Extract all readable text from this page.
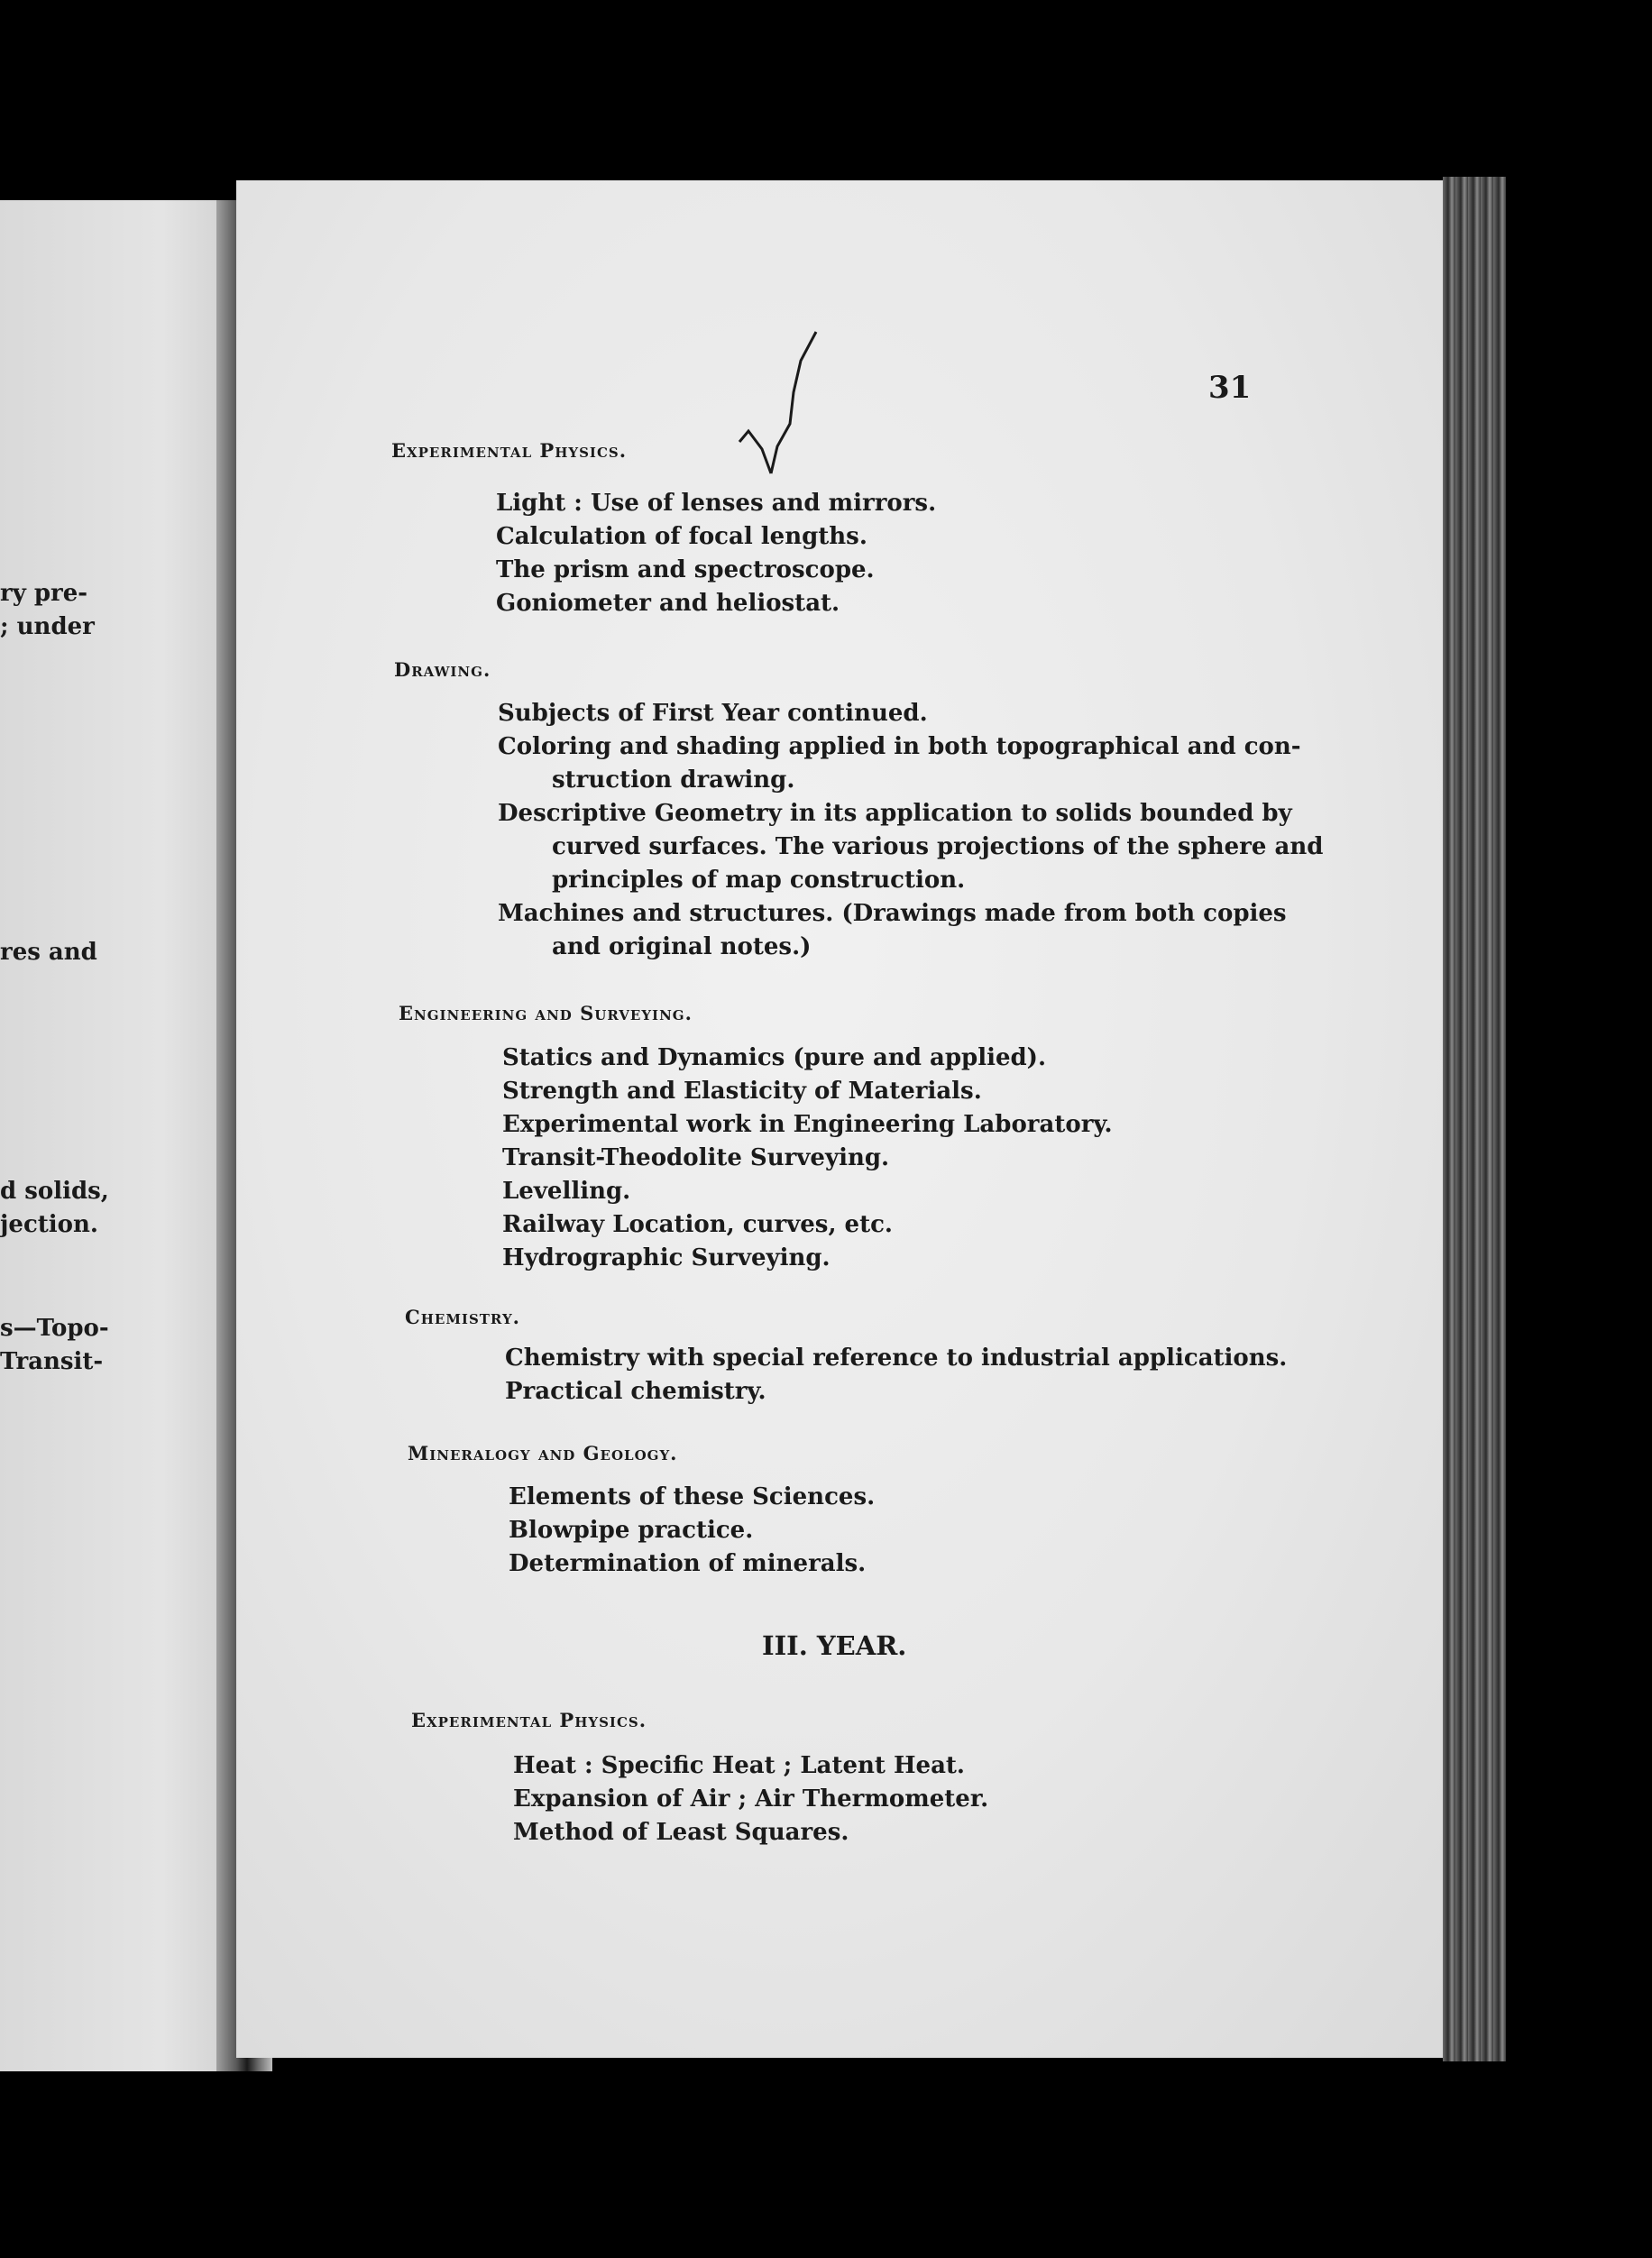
ry pre-
; under
res and
d solids,
jection.
s—Topo-
Transit-
31
Experimental Physics.
Light : Use of lenses and mirrors.
Calculation of focal lengths.
The prism and spectroscope.
Goniometer and heliostat.
Drawing.
Subjects of First Year continued.
Coloring and shading applied in both topographical and con-
struction drawing.
Descriptive Geometry in its application to solids bounded by
curved surfaces. The various projections of the sphere and
principles of map construction.
Machines and structures. (Drawings made from both copies
and original notes.)
Engineering and Surveying.
Statics and Dynamics (pure and applied).
Strength and Elasticity of Materials.
Experimental work in Engineering Laboratory.
Transit-Theodolite Surveying.
Levelling.
Railway Location, curves, etc.
Hydrographic Surveying.
Chemistry.
Chemistry with special reference to industrial applications.
Practical chemistry.
Mineralogy and Geology.
Elements of these Sciences.
Blowpipe practice.
Determination of minerals.
III. YEAR.
Experimental Physics.
Heat : Specific Heat ; Latent Heat.
Expansion of Air ; Air Thermometer.
Method of Least Squares.
